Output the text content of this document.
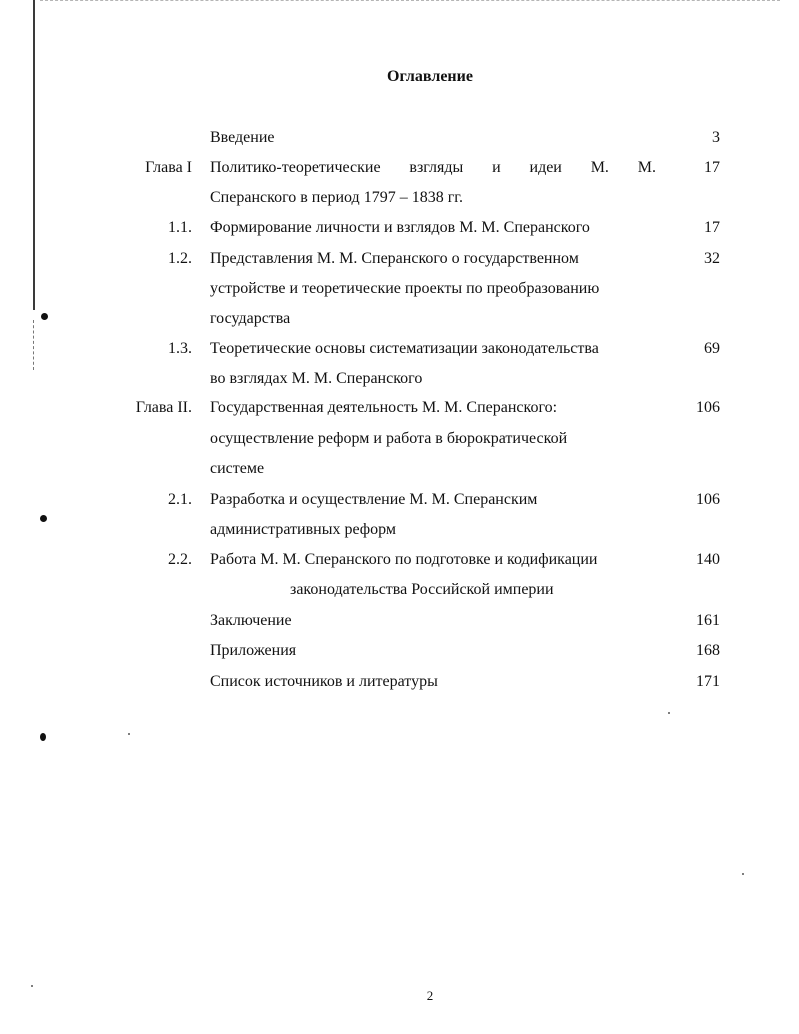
Оглавление
Введение	3
Глава I Политико-теоретические взгляды и идеи М. М.	17
Сперанского в период 1797 – 1838 гг.
1.1. Формирование личности и взглядов М. М. Сперанского	17
1.2. Представления М. М. Сперанского о государственном	32
устройстве и теоретические проекты по преобразованию
государства
1.3. Теоретические основы систематизации законодательства	69
во взглядах М. М. Сперанского
Глава II. Государственная деятельность М. М. Сперанского:	106
осуществление реформ и работа в бюрократической
системе
2.1. Разработка и осуществление М. М. Сперанским	106
административных реформ
2.2. Работа М. М. Сперанского по подготовке и кодификации	140
законодательства Российской империи
Заключение	161
Приложения	168
Список источников и литературы	171
2
